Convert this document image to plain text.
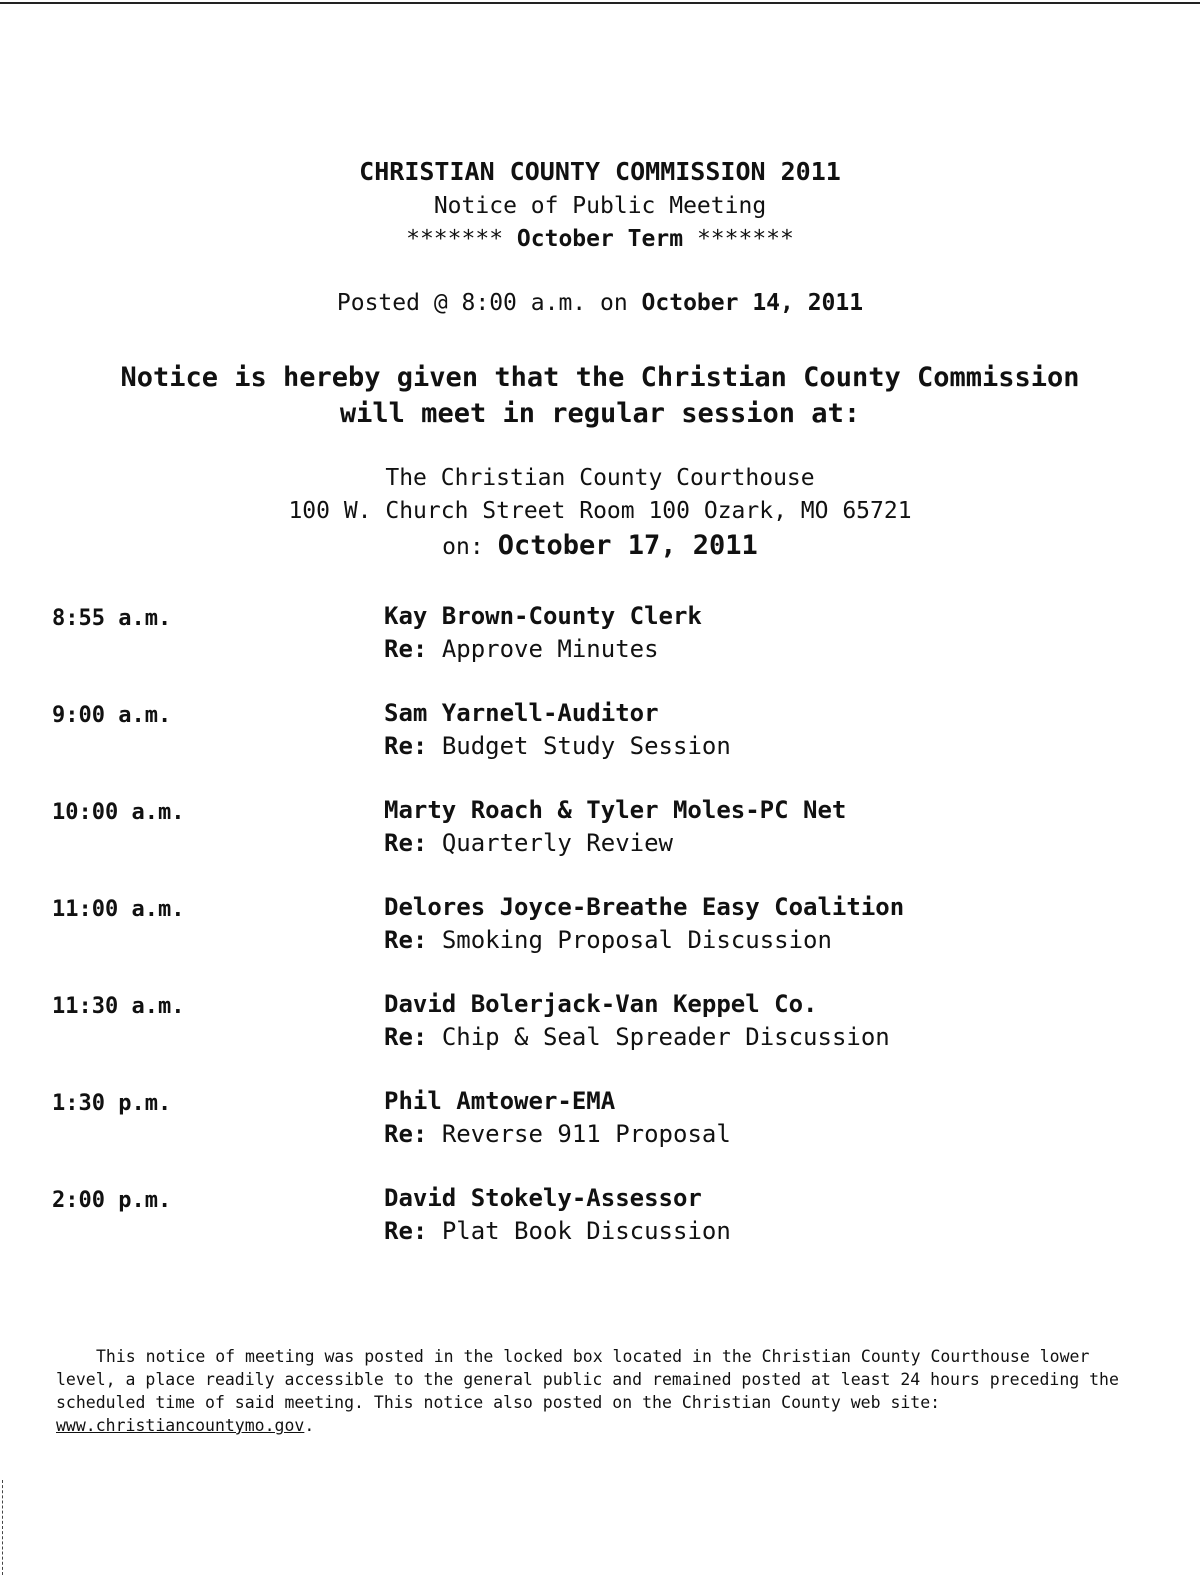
CHRISTIAN COUNTY COMMISSION 2011
Notice of Public Meeting
******* October Term *******
Posted @ 8:00 a.m. on October 14, 2011
Notice is hereby given that the Christian County Commission
will meet in regular session at:
The Christian County Courthouse
100 W. Church Street Room 100 Ozark, MO 65721
on: October 17, 2011
8:55 a.m.	Kay Brown-County Clerk
Re: Approve Minutes
9:00 a.m.	Sam Yarnell-Auditor
Re: Budget Study Session
10:00 a.m.	Marty Roach & Tyler Moles-PC Net
Re: Quarterly Review
11:00 a.m.	Delores Joyce-Breathe Easy Coalition
Re: Smoking Proposal Discussion
11:30 a.m.	David Bolerjack-Van Keppel Co.
Re: Chip & Seal Spreader Discussion
1:30 p.m.	Phil Amtower-EMA
Re: Reverse 911 Proposal
2:00 p.m.	David Stokely-Assessor
Re: Plat Book Discussion
This notice of meeting was posted in the locked box located in the Christian County Courthouse lower level, a place readily accessible to the general public and remained posted at least 24 hours preceding the scheduled time of said meeting. This notice also posted on the Christian County web site: www.christiancountymo.gov.
